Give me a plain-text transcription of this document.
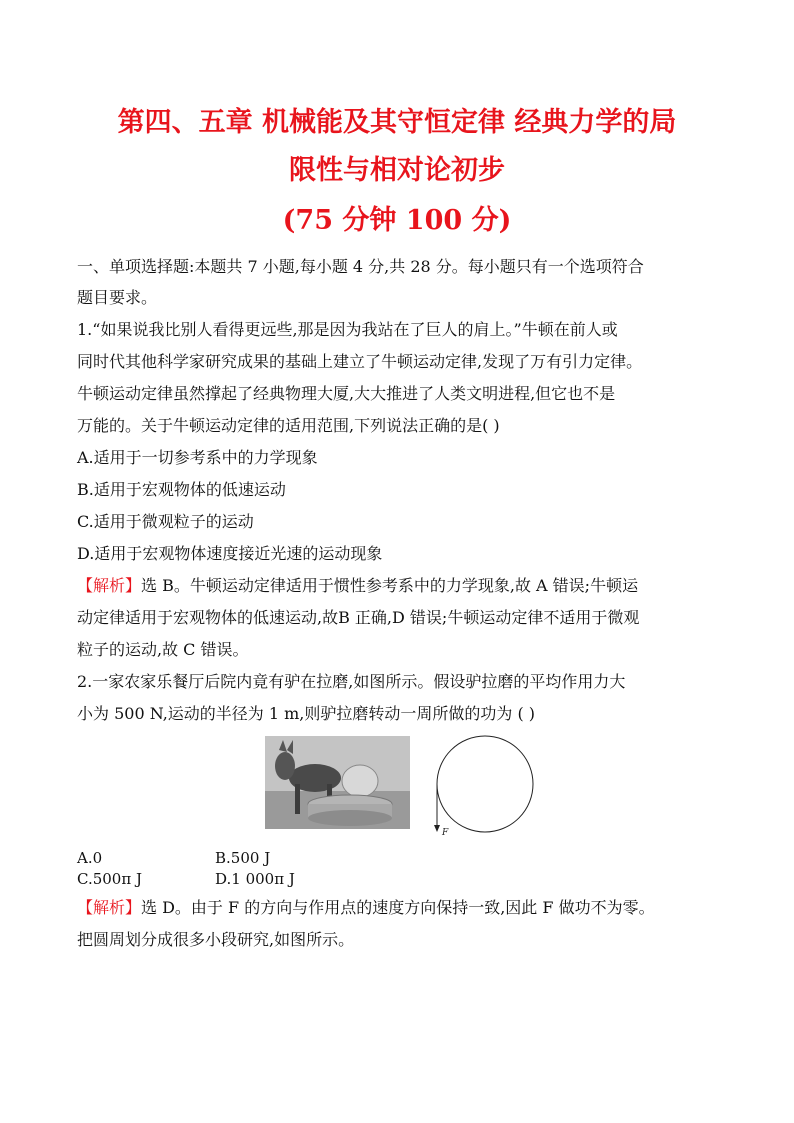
第四、五章 机械能及其守恒定律 经典力学的局
限性与相对论初步
(75 分钟 100 分)
一、单项选择题:本题共 7 小题,每小题 4 分,共 28 分。每小题只有一个选项符合
题目要求。
1.“如果说我比别人看得更远些,那是因为我站在了巨人的肩上。”牛顿在前人或
同时代其他科学家研究成果的基础上建立了牛顿运动定律,发现了万有引力定律。
牛顿运动定律虽然撑起了经典物理大厦,大大推进了人类文明进程,但它也不是
万能的。关于牛顿运动定律的适用范围,下列说法正确的是( )
A.适用于一切参考系中的力学现象
B.适用于宏观物体的低速运动
C.适用于微观粒子的运动
D.适用于宏观物体速度接近光速的运动现象
【解析】选 B。牛顿运动定律适用于惯性参考系中的力学现象,故 A 错误;牛顿运
动定律适用于宏观物体的低速运动,故B 正确,D 错误;牛顿运动定律不适用于微观
粒子的运动,故 C 错误。
2.一家农家乐餐厅后院内竟有驴在拉磨,如图所示。假设驴拉磨的平均作用力大
小为 500 N,运动的半径为 1 m,则驴拉磨转动一周所做的功为 ( )
F
A.0	B.500 J
C.500π J	D.1 000π J
【解析】选 D。由于 F 的方向与作用点的速度方向保持一致,因此 F 做功不为零。
把圆周划分成很多小段研究,如图所示。
